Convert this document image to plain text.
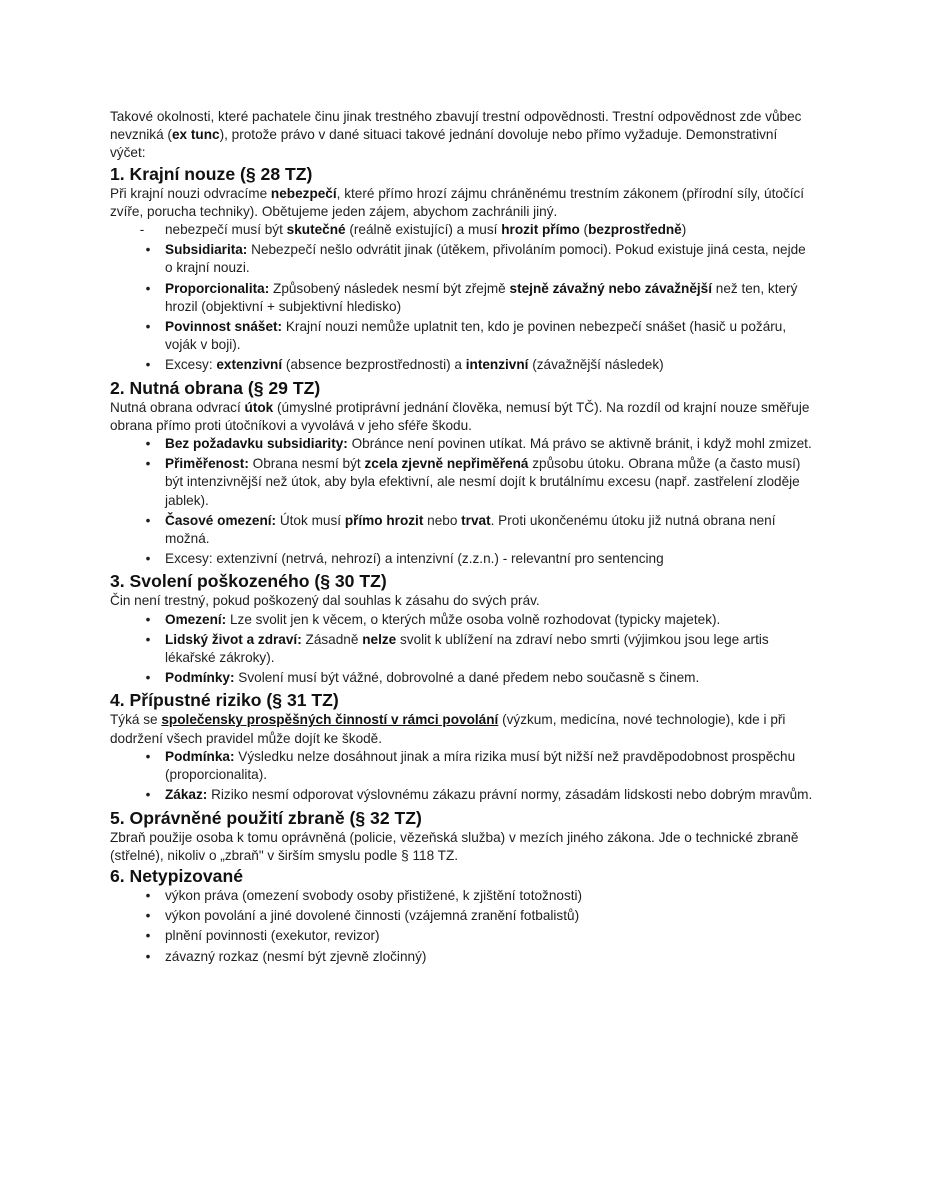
Takové okolnosti, které pachatele činu jinak trestného zbavují trestní odpovědnosti. Trestní odpovědnost zde vůbec nevzniká (ex tunc), protože právo v dané situaci takové jednání dovoluje nebo přímo vyžaduje. Demonstrativní výčet:

1. Krajní nouze (§ 28 TZ)

Při krajní nouzi odvracíme nebezpečí, které přímo hrozí zájmu chráněnému trestním zákonem (přírodní síly, útočící zvíře, porucha techniky). Obětujeme jeden zájem, abychom zachránili jiný.

-	nebezpečí musí být skutečné (reálně existující) a musí hrozit přímo (bezprostředně)
•	Subsidiarita: Nebezpečí nešlo odvrátit jinak (útěkem, přivoláním pomoci). Pokud existuje jiná cesta, nejde o krajní nouzi.
•	Proporcionalita: Způsobený následek nesmí být zřejmě stejně závažný nebo závažnější než ten, který hrozil (objektivní + subjektivní hledisko)
•	Povinnost snášet: Krajní nouzi nemůže uplatnit ten, kdo je povinen nebezpečí snášet (hasič u požáru, voják v boji).
•	Excesy: extenzivní (absence bezprostřednosti) a intenzivní (závažnější následek)
2. Nutná obrana (§ 29 TZ)

Nutná obrana odvrací útok (úmyslné protiprávní jednání člověka, nemusí být TČ). Na rozdíl od krajní nouze směřuje obrana přímo proti útočníkovi a vyvolává v jeho sféře škodu.

•	Bez požadavku subsidiarity: Obránce není povinen utíkat. Má právo se aktivně bránit, i když mohl zmizet.
•	Přiměřenost: Obrana nesmí být zcela zjevně nepřiměřená způsobu útoku. Obrana může (a často musí) být intenzivnější než útok, aby byla efektivní, ale nesmí dojít k brutálnímu excesu (např. zastřelení zloděje jablek).
•	Časové omezení: Útok musí přímo hrozit nebo trvat. Proti ukončenému útoku již nutná obrana není možná.
•	Excesy: extenzivní (netrvá, nehrozí) a intenzivní (z.z.n.) - relevantní pro sentencing
3. Svolení poškozeného (§ 30 TZ)

Čin není trestný, pokud poškozený dal souhlas k zásahu do svých práv.

•	Omezení: Lze svolit jen k věcem, o kterých může osoba volně rozhodovat (typicky majetek).
•	Lidský život a zdraví: Zásadně nelze svolit k ublížení na zdraví nebo smrti (výjimkou jsou lege artis lékařské zákroky).
•	Podmínky: Svolení musí být vážné, dobrovolné a dané předem nebo současně s činem.
4. Přípustné riziko (§ 31 TZ)

Týká se společensky prospěšných činností v rámci povolání (výzkum, medicína, nové technologie), kde i při dodržení všech pravidel může dojít ke škodě.

•	Podmínka: Výsledku nelze dosáhnout jinak a míra rizika musí být nižší než pravděpodobnost prospěchu (proporcionalita).
•	Zákaz: Riziko nesmí odporovat výslovnému zákazu právní normy, zásadám lidskosti nebo dobrým mravům.
5. Oprávněné použití zbraně (§ 32 TZ)

Zbraň použije osoba k tomu oprávněná (policie, vězeňská služba) v mezích jiného zákona. Jde o technické zbraně (střelné), nikoliv o „zbraň" v širším smyslu podle § 118 TZ.

6. Netypizované
•	výkon práva (omezení svobody osoby přistižené, k zjištění totožnosti)
•	výkon povolání a jiné dovolené činnosti (vzájemná zranění fotbalistů)
•	plnění povinnosti (exekutor, revizor)
•	závazný rozkaz (nesmí být zjevně zločinný)
